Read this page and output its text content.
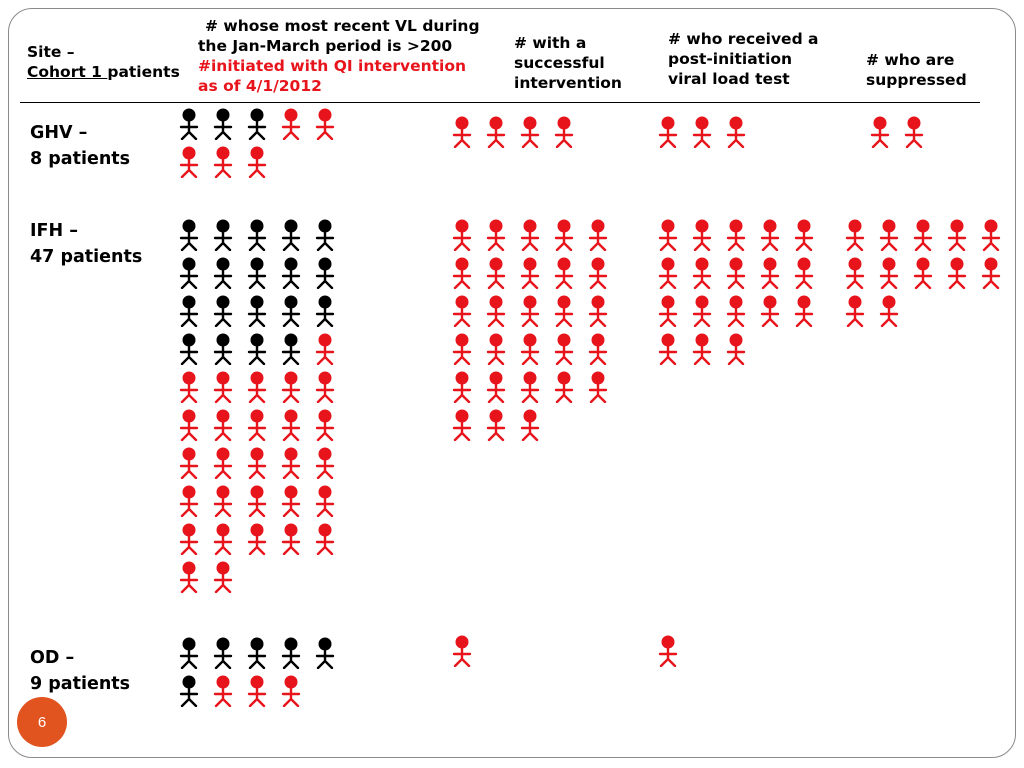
Site –
Cohort 1 patients
# whose most recent VL during
the Jan-March period is >200
#initiated with QI intervention
as of 4/1/2012
# with a
successful
intervention
# who received a
post-initiation
viral load test
# who are
suppressed
GHV –
8 patients
IFH –
47 patients
OD –
9 patients
6
